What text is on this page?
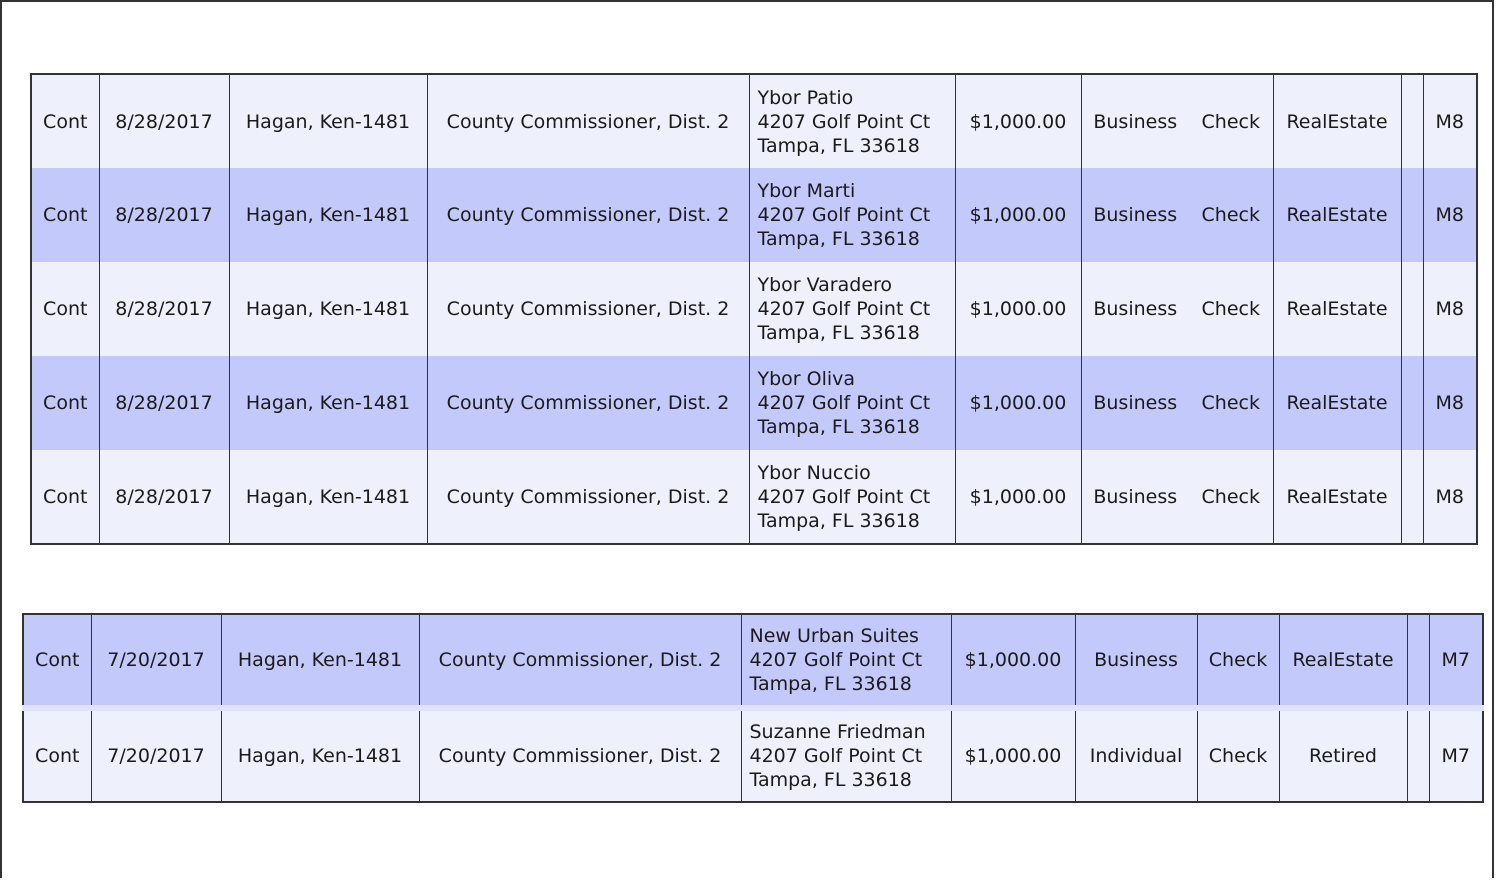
Cont	8/28/2017	Hagan, Ken-1481	County Commissioner, Dist. 2	Ybor Patio
4207 Golf Point Ct
Tampa, FL 33618	$1,000.00	Business	Check	RealEstate		M8
Cont	8/28/2017	Hagan, Ken-1481	County Commissioner, Dist. 2	Ybor Marti
4207 Golf Point Ct
Tampa, FL 33618	$1,000.00	Business	Check	RealEstate		M8
Cont	8/28/2017	Hagan, Ken-1481	County Commissioner, Dist. 2	Ybor Varadero
4207 Golf Point Ct
Tampa, FL 33618	$1,000.00	Business	Check	RealEstate		M8
Cont	8/28/2017	Hagan, Ken-1481	County Commissioner, Dist. 2	Ybor Oliva
4207 Golf Point Ct
Tampa, FL 33618	$1,000.00	Business	Check	RealEstate		M8
Cont	8/28/2017	Hagan, Ken-1481	County Commissioner, Dist. 2	Ybor Nuccio
4207 Golf Point Ct
Tampa, FL 33618	$1,000.00	Business	Check	RealEstate		M8
Cont	7/20/2017	Hagan, Ken-1481	County Commissioner, Dist. 2	New Urban Suites
4207 Golf Point Ct
Tampa, FL 33618	$1,000.00	Business	Check	RealEstate		M7
Cont	7/20/2017	Hagan, Ken-1481	County Commissioner, Dist. 2	Suzanne Friedman
4207 Golf Point Ct
Tampa, FL 33618	$1,000.00	Individual	Check	Retired		M7
